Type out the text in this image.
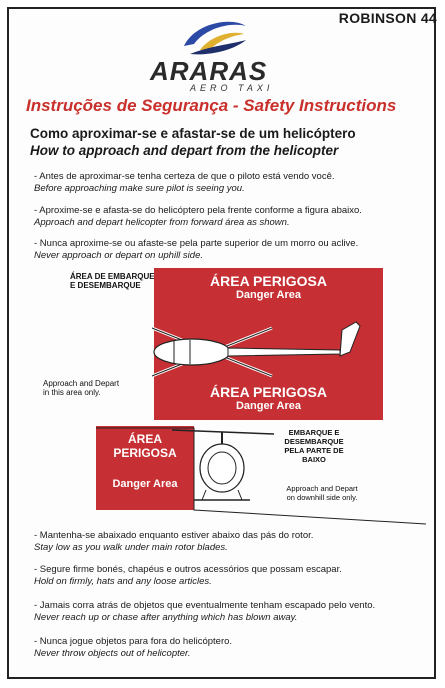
ROBINSON 44
ARARAS
AERO TAXI
Instruções de Segurança - Safety Instructions
Como aproximar-se e afastar-se de um helicóptero
How to approach and depart from the helicopter
- Antes de aproximar-se tenha certeza de que o piloto está vendo você.
Before approaching make sure pilot is seeing you.
- Aproxime-se e afasta-se do helicóptero pela frente conforme a figura abaixo.
Approach and depart helicopter from forward área as shown.
- Nunca aproxime-se ou afaste-se pela parte superior de um morro ou aclive.
Never approach or depart on uphill side.
ÁREA PERIGOSA
Danger Area
ÁREA PERIGOSA
Danger Area
ÁREA DE EMBARQUE E DESEMBARQUE
Approach and Depart in this area only.
ÁREA PERIGOSA
Danger Area
EMBARQUE E DESEMBARQUE PELA PARTE DE BAIXO
Approach and Depart on downhill side only.
- Mantenha-se abaixado enquanto estiver abaixo das pás do rotor.
Stay low as you walk under main rotor blades.
- Segure firme bonés, chapéus e outros acessórios que possam escapar.
Hold on firmly, hats and any loose articles.
- Jamais corra atrás de objetos que eventualmente tenham escapado pelo vento.
Never reach up or chase after anything which has blown away.
- Nunca jogue objetos para fora do helicóptero.
Never throw objects out of helicopter.
